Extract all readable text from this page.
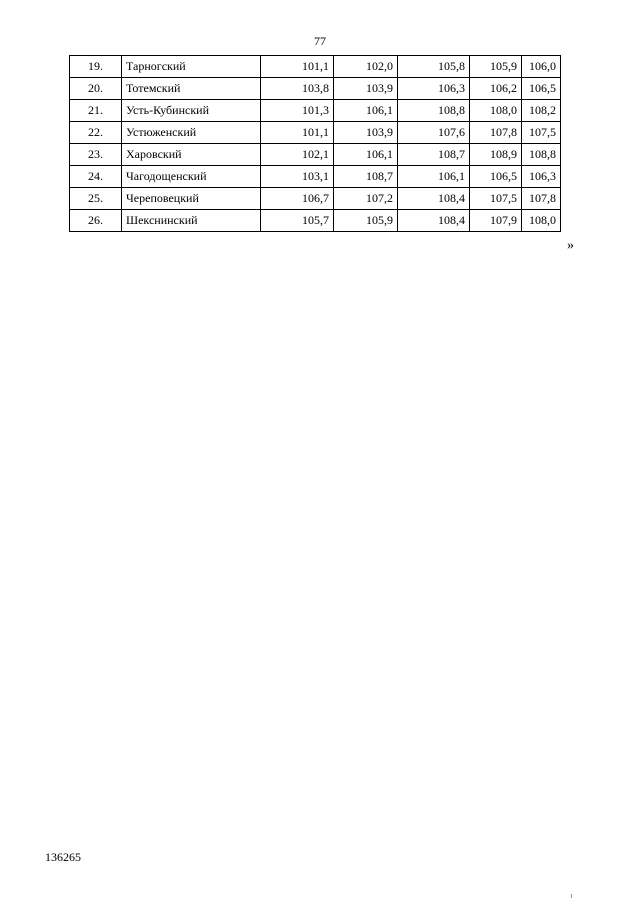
77
19.	Тарногский	101,1	102,0	105,8	105,9	106,0
20.	Тотемский	103,8	103,9	106,3	106,2	106,5
21.	Усть-Кубинский	101,3	106,1	108,8	108,0	108,2
22.	Устюженский	101,1	103,9	107,6	107,8	107,5
23.	Харовский	102,1	106,1	108,7	108,9	108,8
24.	Чагодощенский	103,1	108,7	106,1	106,5	106,3
25.	Череповецкий	106,7	107,2	108,4	107,5	107,8
26.	Шекснинский	105,7	105,9	108,4	107,9	108,0
»
136265
1
